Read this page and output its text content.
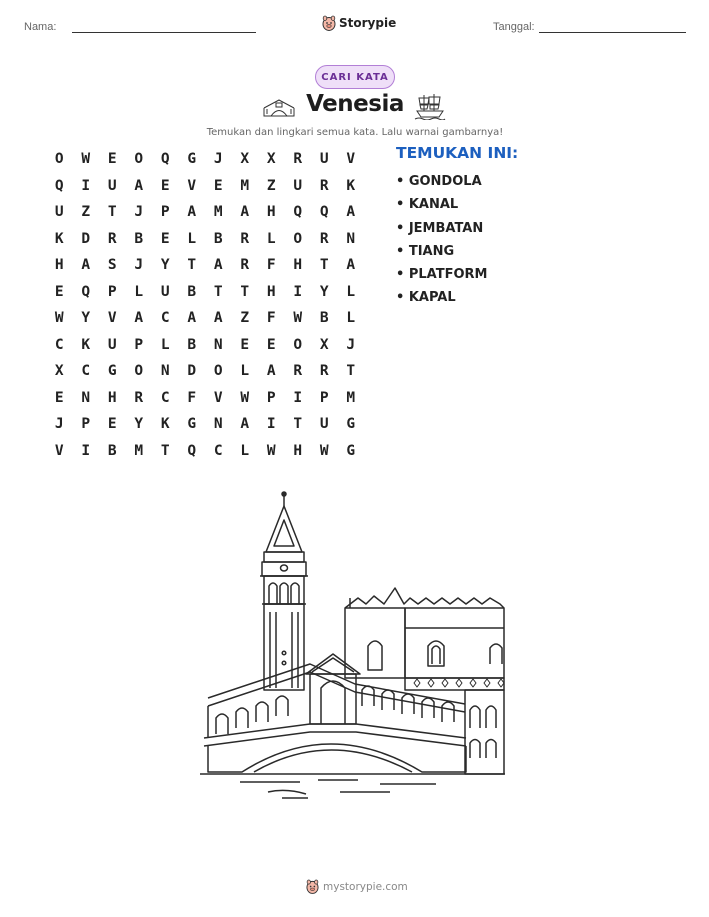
Nama:	Storypie	Tanggal:
CARI KATA
Venesia
Temukan dan lingkari semua kata. Lalu warnai gambarnya!
O	W	E	O	Q	G	J	X	X	R	U	V
Q	I	U	A	E	V	E	M	Z	U	R	K
U	Z	T	J	P	A	M	A	H	Q	Q	A
K	D	R	B	E	L	B	R	L	O	R	N
H	A	S	J	Y	T	A	R	F	H	T	A
E	Q	P	L	U	B	T	T	H	I	Y	L
W	Y	V	A	C	A	A	Z	F	W	B	L
C	K	U	P	L	B	N	E	E	O	X	J
X	C	G	O	N	D	O	L	A	R	R	T
E	N	H	R	C	F	V	W	P	I	P	M
J	P	E	Y	K	G	N	A	I	T	U	G
V	I	B	M	T	Q	C	L	W	H	W	G
TEMUKAN INI:
• GONDOLA
• KANAL
• JEMBATAN
• TIANG
• PLATFORM
• KAPAL
mystorypie.com
